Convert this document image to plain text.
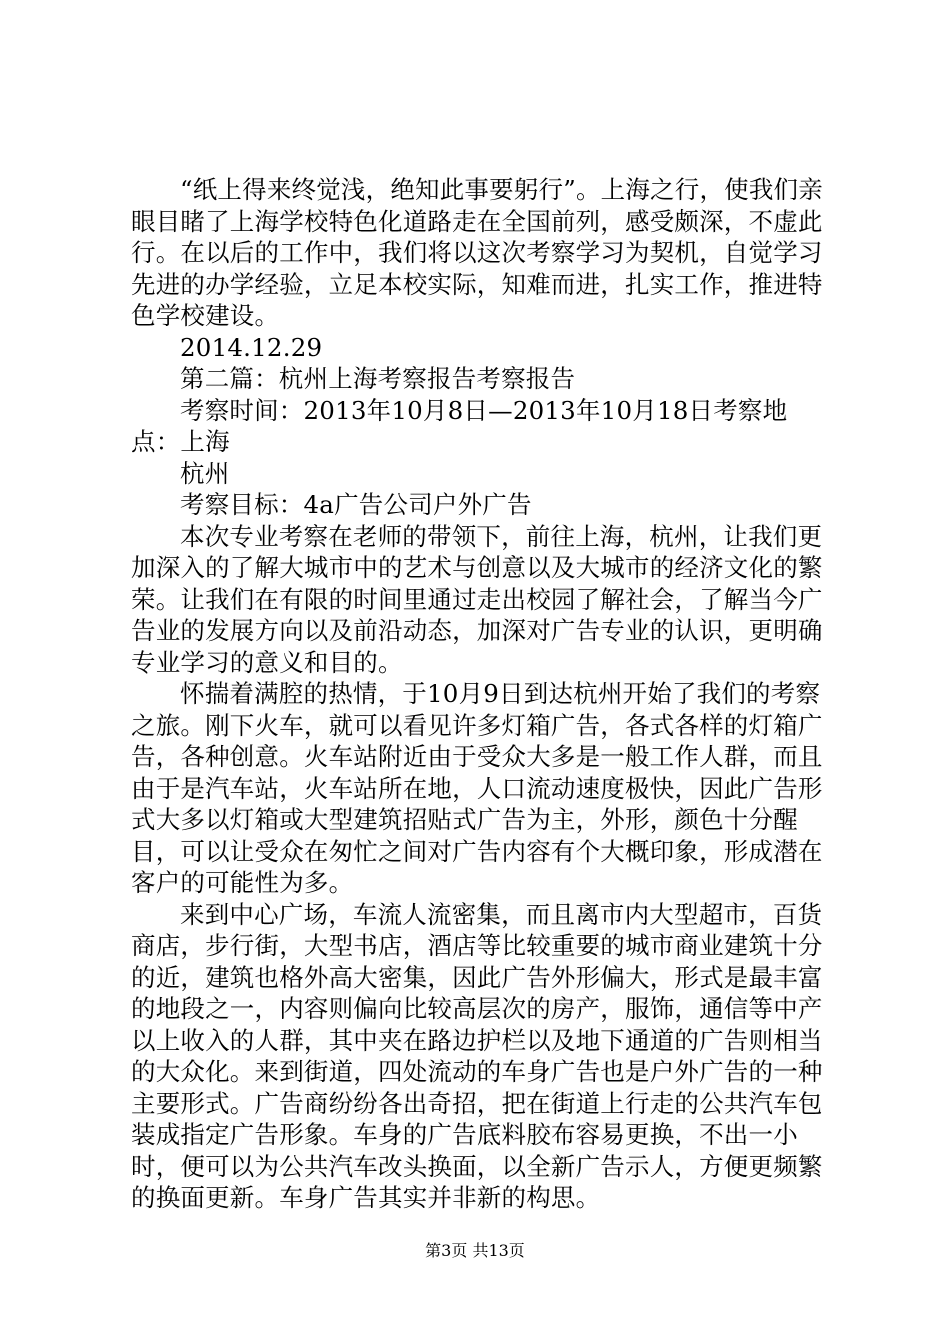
“纸上得来终觉浅，绝知此事要躬行”。上海之行，使我们亲眼目睹了上海学校特色化道路走在全国前列，感受颇深，不虚此行。在以后的工作中，我们将以这次考察学习为契机，自觉学习先进的办学经验，立足本校实际，知难而进，扎实工作，推进特色学校建设。

2014.12.29

第二篇：杭州上海考察报告考察报告

考察时间：2013年10月8日—2013年10月18日考察地点：上海

杭州

考察目标：4a广告公司户外广告

本次专业考察在老师的带领下，前往上海，杭州，让我们更加深入的了解大城市中的艺术与创意以及大城市的经济文化的繁荣。让我们在有限的时间里通过走出校园了解社会，了解当今广告业的发展方向以及前沿动态，加深对广告专业的认识，更明确专业学习的意义和目的。

怀揣着满腔的热情，于10月9日到达杭州开始了我们的考察之旅。刚下火车，就可以看见许多灯箱广告，各式各样的灯箱广告，各种创意。火车站附近由于受众大多是一般工作人群，而且由于是汽车站，火车站所在地，人口流动速度极快，因此广告形式大多以灯箱或大型建筑招贴式广告为主，外形，颜色十分醒目，可以让受众在匆忙之间对广告内容有个大概印象，形成潜在客户的可能性为多。

来到中心广场，车流人流密集，而且离市内大型超市，百货商店，步行街，大型书店，酒店等比较重要的城市商业建筑十分的近，建筑也格外高大密集，因此广告外形偏大，形式是最丰富的地段之一，内容则偏向比较高层次的房产，服饰，通信等中产以上收入的人群，其中夹在路边护栏以及地下通道的广告则相当的大众化。来到街道，四处流动的车身广告也是户外广告的一种主要形式。广告商纷纷各出奇招，把在街道上行走的公共汽车包装成指定广告形象。车身的广告底料胶布容易更换，不出一小时，便可以为公共汽车改头换面，以全新广告示人，方便更频繁的换面更新。车身广告其实并非新的构思。

第3页 共13页
